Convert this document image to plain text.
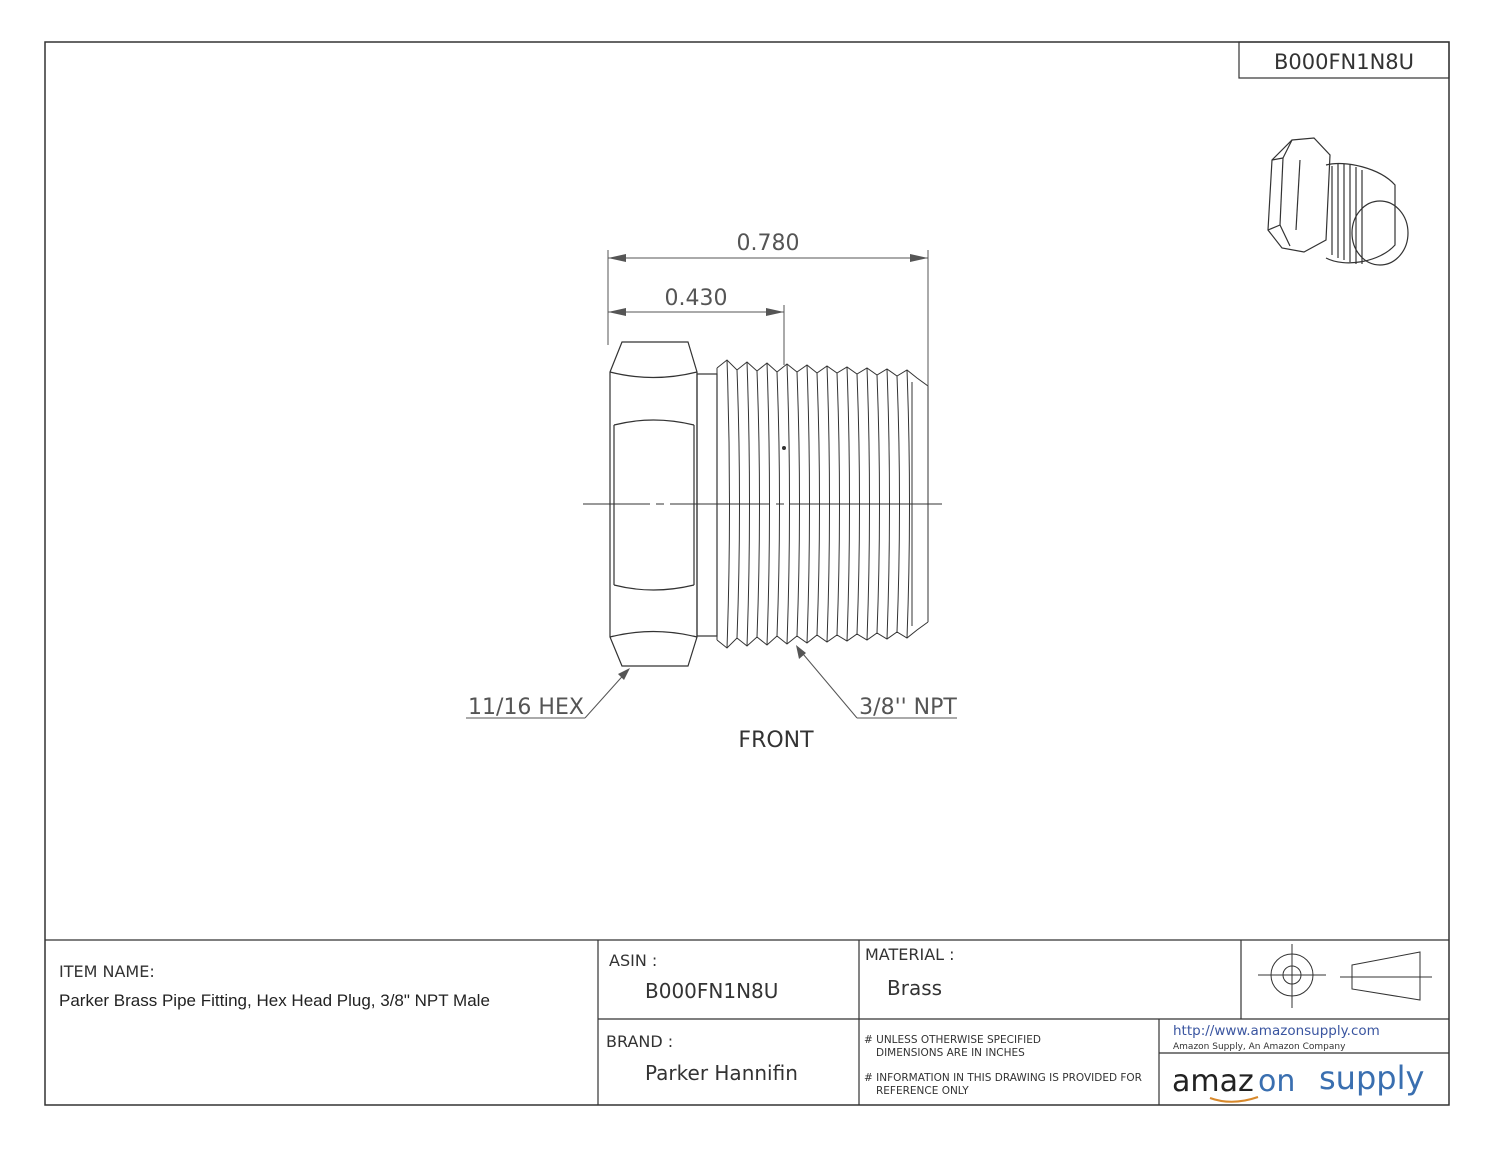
B000FN1N8U
0.780
0.430
11/16 HEX	3/8'' NPT
FRONT
ITEM NAME:
Parker Brass Pipe Fitting, Hex Head Plug, 3/8" NPT Male
ASIN :
B000FN1N8U
MATERIAL :
Brass
BRAND :
Parker Hannifin
# UNLESS OTHERWISE SPECIFIED
DIMENSIONS ARE IN INCHES
# INFORMATION IN THIS DRAWING IS PROVIDED FOR
REFERENCE ONLY
http://www.amazonsupply.com
Amazon Supply, An Amazon Company
amaz on supply
